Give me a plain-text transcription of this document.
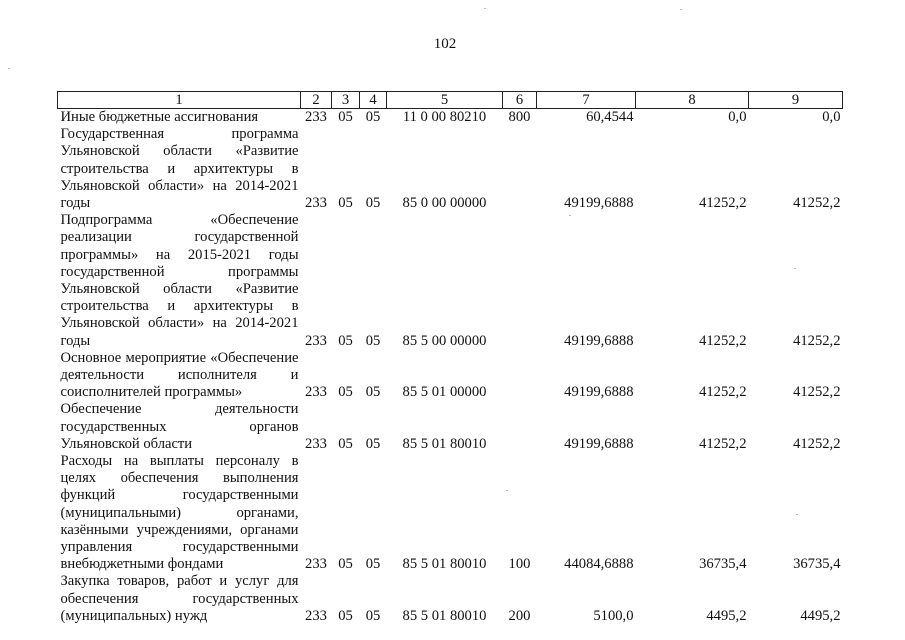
102
1	2	3	4	5	6	7	8	9
Иные бюджетные ассигнования	233	05	05	11 0 00 80210	800	60,4544	0,0	0,0
Государственная программа Ульяновской области «Развитие строительства и архитектуры в Ульяновской области» на 2014-2021 годы	233	05	05	85 0 00 00000		49199,6888	41252,2	41252,2
Подпрограмма «Обеспечение реализации государственной программы» на 2015-2021 годы государственной программы Ульяновской области «Развитие строительства и архитектуры в Ульяновской области» на 2014-2021 годы	233	05	05	85 5 00 00000		49199,6888	41252,2	41252,2
Основное мероприятие «Обеспечение деятельности исполнителя и соисполнителей программы»	233	05	05	85 5 01 00000		49199,6888	41252,2	41252,2
Обеспечение деятельности государственных органов Ульяновской области	233	05	05	85 5 01 80010		49199,6888	41252,2	41252,2
Расходы на выплаты персоналу в целях обеспечения выполнения функций государственными (муниципальными) органами, казёнными учреждениями, органами управления государственными внебюджетными фондами	233	05	05	85 5 01 80010	100	44084,6888	36735,4	36735,4
Закупка товаров, работ и услуг для обеспечения государственных (муниципальных) нужд	233	05	05	85 5 01 80010	200	5100,0	4495,2	4495,2
